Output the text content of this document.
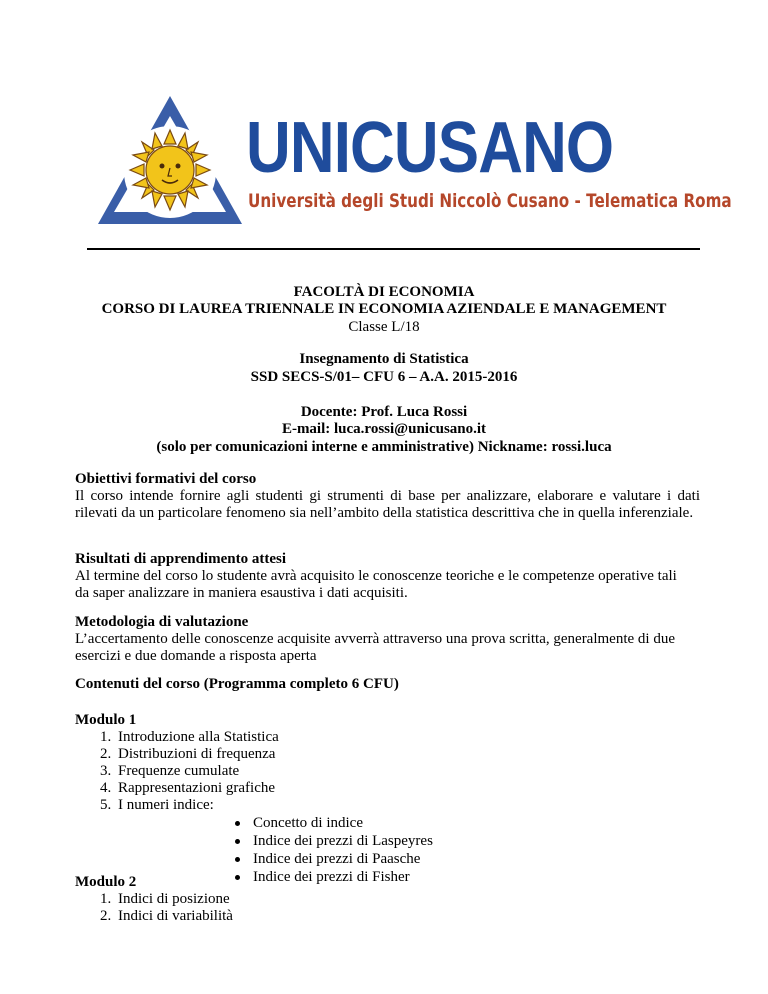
UNICUSANO
Università degli Studi Niccolò Cusano - Telematica Roma
FACOLTÀ DI ECONOMIA
CORSO DI LAUREA TRIENNALE IN ECONOMIA AZIENDALE E MANAGEMENT
Classe L/18
Insegnamento di Statistica
SSD SECS-S/01– CFU 6 – A.A. 2015-2016
Docente: Prof. Luca Rossi
E-mail: luca.rossi@unicusano.it
(solo per comunicazioni interne e amministrative) Nickname: rossi.luca
Obiettivi formativi del corso
Il corso intende fornire agli studenti gi strumenti di base per analizzare, elaborare e valutare i dati rilevati da un particolare fenomeno sia nell’ambito della statistica descrittiva che in quella inferenziale.
Risultati di apprendimento attesi
Al termine del corso lo studente avrà acquisito le conoscenze teoriche e le competenze operative tali
da saper analizzare in maniera esaustiva i dati acquisiti.
Metodologia di valutazione
L’accertamento delle conoscenze acquisite avverrà attraverso una prova scritta, generalmente di due
esercizi e due domande a risposta aperta
Contenuti del corso (Programma completo 6 CFU)
Modulo 1
1. Introduzione alla Statistica
2. Distribuzioni di frequenza
3. Frequenze cumulate
4. Rappresentazioni grafiche
5. I numeri indice:
Concetto di indice
Indice dei prezzi di Laspeyres
Indice dei prezzi di Paasche
Indice dei prezzi di Fisher
Modulo 2
1. Indici di posizione
2. Indici di variabilità
